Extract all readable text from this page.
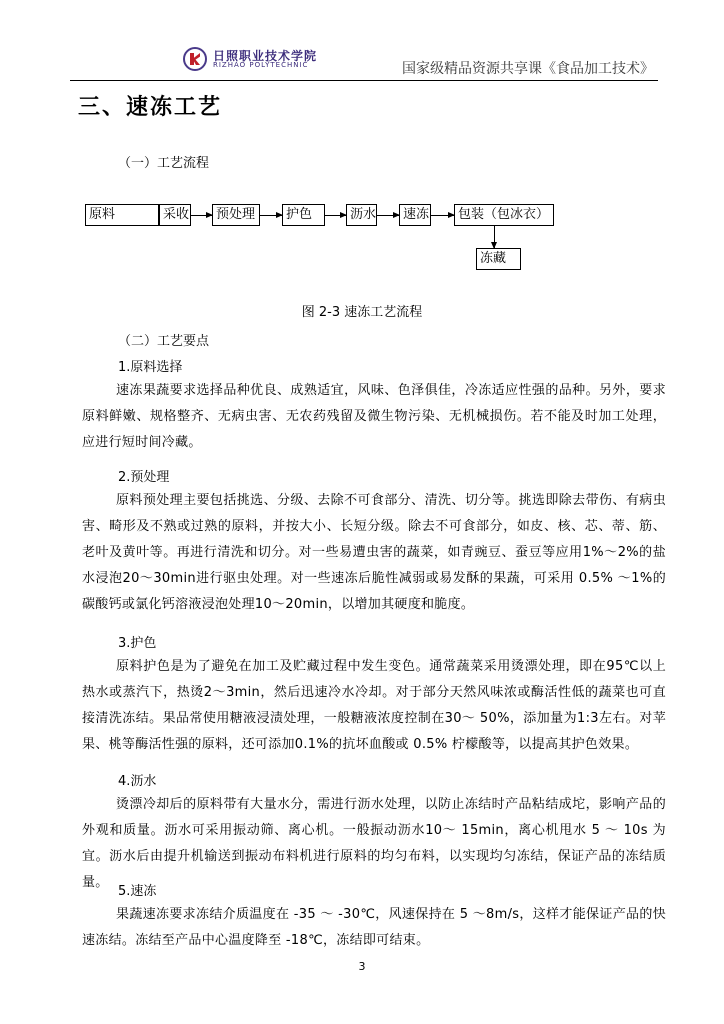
日照职业技术学院
RIZHAO POLYTECHNIC	国家级精品资源共享课《食品加工技术》
三、速冻工艺
（一）工艺流程
原料	采收	预处理	护色	沥水	速冻	包装（包冰衣）
冻藏
图 2-3 速冻工艺流程
（二）工艺要点
1.原料选择
速冻果蔬要求选择品种优良、成熟适宜，风味、色泽俱佳，冷冻适应性强的品种。另外，要求原料鲜嫩、规格整齐、无病虫害、无农药残留及微生物污染、无机械损伤。若不能及时加工处理，应进行短时间冷藏。
2.预处理
原料预处理主要包括挑选、分级、去除不可食部分、清洗、切分等。挑选即除去带伤、有病虫害、畸形及不熟或过熟的原料，并按大小、长短分级。除去不可食部分，如皮、核、芯、蒂、筋、老叶及黄叶等。再进行清洗和切分。对一些易遭虫害的蔬菜，如青豌豆、蚕豆等应用1%～2%的盐水浸泡20～30min进行驱虫处理。对一些速冻后脆性减弱或易发酥的果蔬，可采用 0.5% ～1%的碳酸钙或氯化钙溶液浸泡处理10～20min，以增加其硬度和脆度。
3.护色
原料护色是为了避免在加工及贮藏过程中发生变色。通常蔬菜采用烫漂处理，即在95℃以上热水或蒸汽下，热烫2～3min，然后迅速冷水冷却。对于部分天然风味浓或酶活性低的蔬菜也可直接清洗冻结。果品常使用糖液浸渍处理，一般糖液浓度控制在30～ 50%，添加量为1:3左右。对苹果、桃等酶活性强的原料，还可添加0.1%的抗坏血酸或 0.5% 柠檬酸等，以提高其护色效果。
4.沥水
烫漂冷却后的原料带有大量水分，需进行沥水处理，以防止冻结时产品粘结成坨，影响产品的外观和质量。沥水可采用振动筛、离心机。一般振动沥水10～ 15min，离心机甩水 5 ～ 10s 为宜。沥水后由提升机输送到振动布料机进行原料的均匀布料，以实现均匀冻结，保证产品的冻结质量。
5.速冻
果蔬速冻要求冻结介质温度在 -35 ～ -30℃，风速保持在 5 ～8m/s，这样才能保证产品的快速冻结。冻结至产品中心温度降至 -18℃，冻结即可结束。
3
